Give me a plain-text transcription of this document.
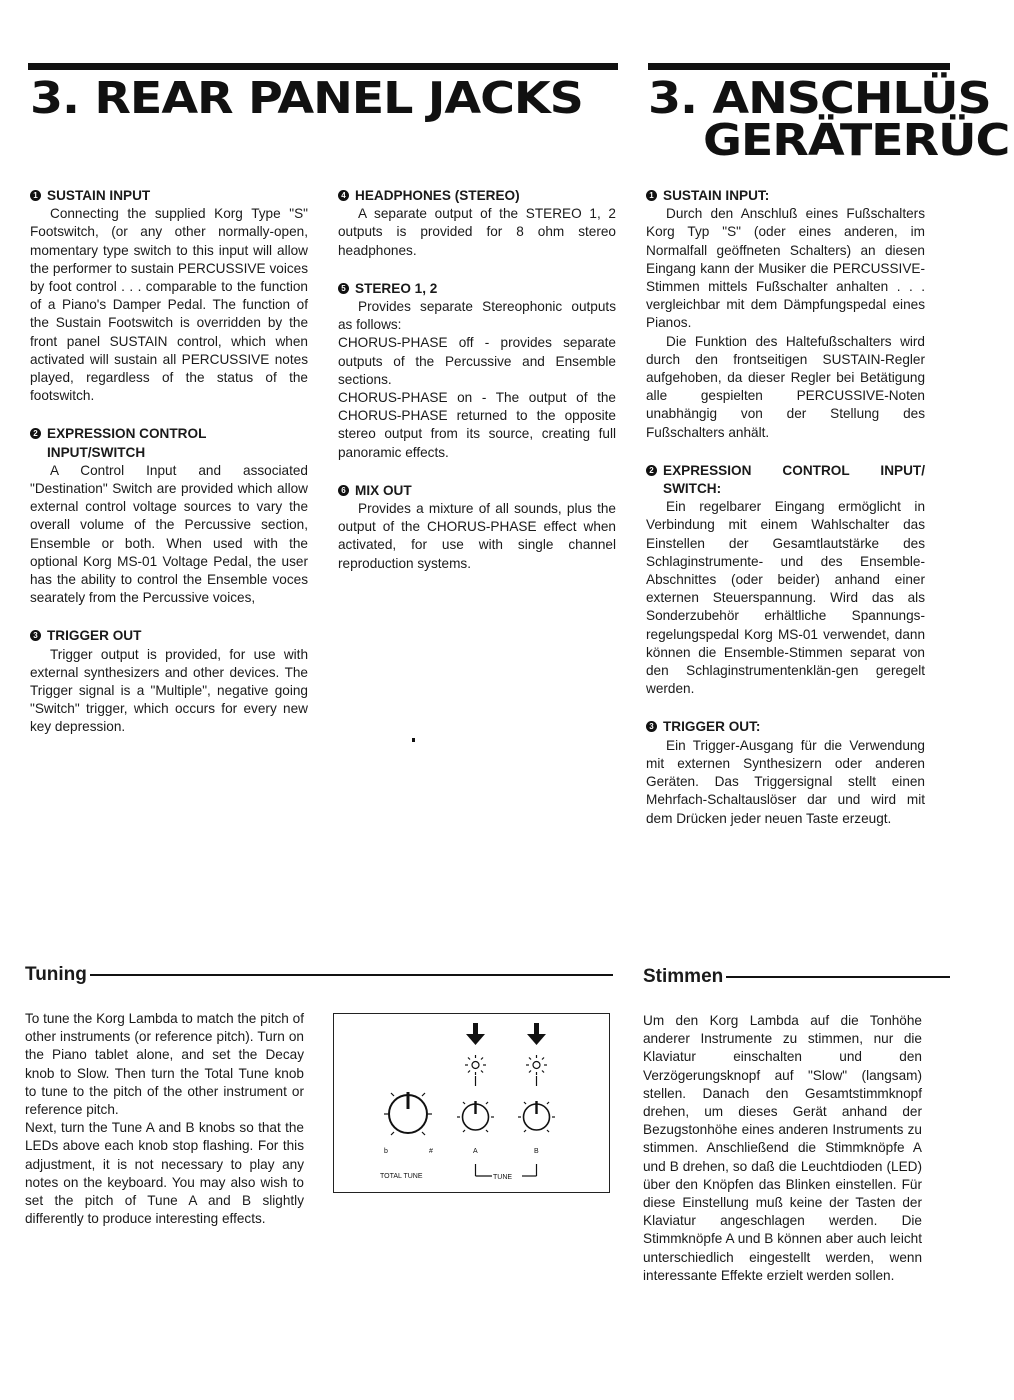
3. REAR PANEL JACKS 3. ANSCHLÜS
GERÄTERÜC
1 SUSTAIN INPUT

Connecting the supplied Korg Type "S" Footswitch, (or any other normally-open, momentary type switch to this input will allow the performer to sustain PERCUSSIVE voices by foot control . . . comparable to the function of a Piano's Damper Pedal. The function of the Sustain Footswitch is overridden by the front panel SUSTAIN control, which when activated will sustain all PERCUSSIVE notes played, regardless of the status of the footswitch.

2 EXPRESSION CONTROL
INPUT/SWITCH

A Control Input and associated "Destination" Switch are provided which allow external control voltage sources to vary the overall volume of the Percussive section, Ensemble or both. When used with the optional Korg MS-01 Voltage Pedal, the user has the ability to control the Ensemble voces searately from the Percussive voices,

3 TRIGGER OUT

Trigger output is provided, for use with external synthesizers and other devices. The Trigger signal is a "Multiple", negative going "Switch" trigger, which occurs for every new key depression.

4 HEADPHONES (STEREO)

A separate output of the STEREO 1, 2 outputs is provided for 8 ohm stereo headphones.

5 STEREO 1, 2

Provides separate Stereophonic outputs as follows:

CHORUS-PHASE off - provides separate outputs of the Percussive and Ensemble sections.

CHORUS-PHASE on - The output of the CHORUS-PHASE returned to the opposite stereo output from its source, creating full panoramic effects.

6 MIX OUT

Provides a mixture of all sounds, plus the output of the CHORUS-PHASE effect when activated, for use with single channel reproduction systems.

1 SUSTAIN INPUT:

Durch den Anschluß eines Fußschalters Korg Typ "S" (oder eines anderen, im Normalfall geöffneten Schalters) an diesen Eingang kann der Musiker die PERCUSSIVE-Stimmen mittels Fußschalter anhalten . . . vergleichbar mit dem Dämpfungspedal eines Pianos.

Die Funktion des Haltefußschalters wird durch den frontseitigen SUSTAIN-Regler aufgehoben, da dieser Regler bei Betätigung alle gespielten PERCUSSIVE-Noten unabhängig von der Stellung des Fußschalters anhält.

2 EXPRESSION CONTROL INPUT/
SWITCH:

Ein regelbarer Eingang ermöglicht in Verbindung mit einem Wahlschalter das Einstellen der Gesamtlautstärke des Schlaginstrumente- und des Ensemble-Abschnittes (oder beider) anhand einer externen Steuerspannung. Wird das als Sonderzubehör erhältliche Spannungs-regelungspedal Korg MS-01 verwendet, dann können die Ensemble-Stimmen separat von den Schlaginstrumentenklän-gen geregelt werden.

3 TRIGGER OUT:

Ein Trigger-Ausgang für die Verwendung mit externen Synthesizern oder anderen Geräten. Das Triggersignal stellt einen Mehrfach-Schaltauslöser dar und wird mit dem Drücken jeder neuen Taste erzeugt.

Tuning

To tune the Korg Lambda to match the pitch of other instruments (or reference pitch). Turn on the Piano tablet alone, and set the Decay knob to Slow. Then turn the Total Tune knob to tune to the pitch of the other instrument or reference pitch.

Next, turn the Tune A and B knobs so that the LEDs above each knob stop flashing. For this adjustment, it is not necessary to play any notes on the keyboard. You may also wish to set the pitch of Tune A and B slightly differently to produce interesting effects.

b	#	A	B
TOTAL TUNE	TUNE
Stimmen

Um den Korg Lambda auf die Tonhöhe anderer Instrumente zu stimmen, nur die Klaviatur einschalten und den Verzögerungsknopf auf "Slow" (langsam) stellen. Danach den Gesamtstimmknopf drehen, um dieses Gerät anhand der Bezugstonhöhe eines anderen Instruments zu stimmen. Anschließend die Stimmknöpfe A und B drehen, so daß die Leuchtdioden (LED) über den Knöpfen das Blinken einstellen. Für diese Einstellung muß keine der Tasten der Klaviatur angeschlagen werden. Die Stimmknöpfe A und B können aber auch leicht unterschiedlich eingestellt werden, wenn interessante Effekte erzielt werden sollen.
